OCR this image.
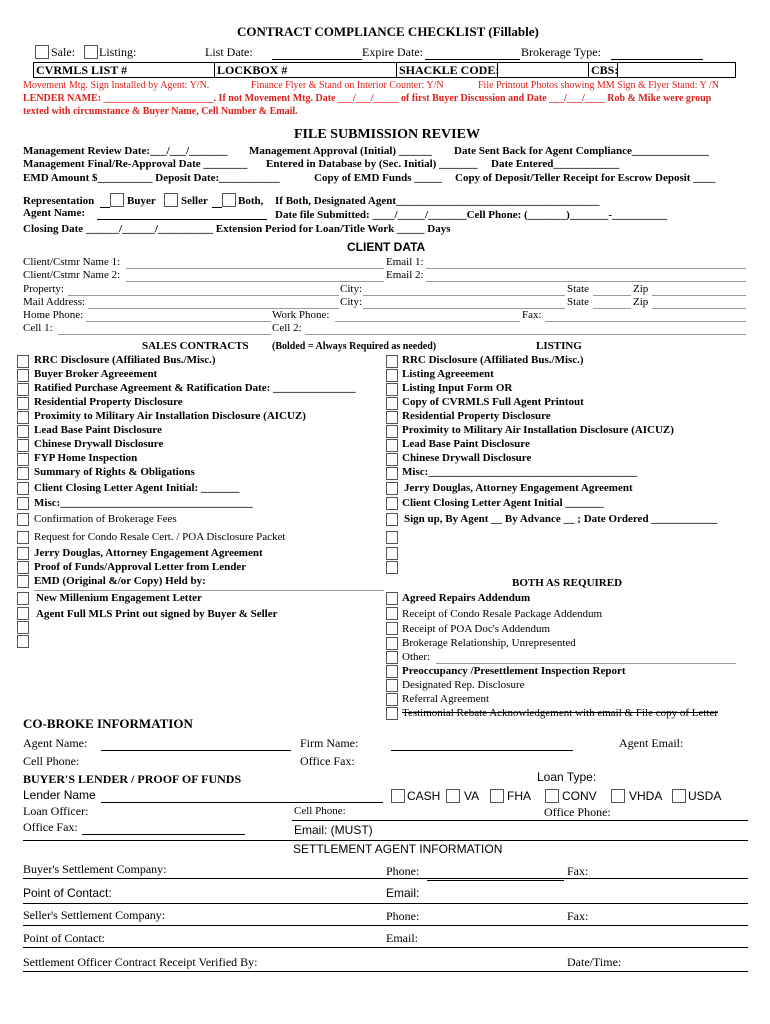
CONTRACT COMPLIANCE CHECKLIST (Fillable)
Sale: Listing:	List Date:	Expire Date:	Brokerage Type:
CVRMLS LIST #	LOCKBOX #	SHACKLE CODE:	CBS:
Movement Mtg. Sign Installed by Agent: Y/N.	Finance Flyer & Stand on Interior Counter: Y/N	File Printout Photos showing MM Sign & Flyer Stand: Y /N
LENDER NAME: ______________________. If not Movement Mtg. Date ___/___/_____ of first Buyer Discussion and Date ___/___/____ Rob & Mike were group
texted with circumstance & Buyer Name, Cell Number & Email.
FILE SUBMISSION REVIEW
Management Review Date:___/___/_______ Management Approval (Initial) ______ Date Sent Back for Agent Compliance______________
Management Final/Re-Approval Date ________ Entered in Database by (Sec. Initial) _______ Date Entered____________
EMD Amount $__________ Deposit Date:___________	Copy of EMD Funds _____ Copy of Deposit/Teller Receipt for Escrow Deposit ____
Representation	Buyer Seller	Both, If Both, Designated Agent_____________________________________
Agent Name:	Date file Submitted: ____/_____/_______Cell Phone: (_______)_______-__________
Closing Date ______/______/__________ Extension Period for Loan/Title Work _____ Days
CLIENT DATA
Client/Cstmr Name 1:	Email 1:
Client/Cstmr Name 2:	Email 2:
Property:	City:	State	Zip
Mail Address:	City:	State	Zip
Home Phone:	Work Phone:	Fax:
Cell 1:	Cell 2:
SALES CONTRACTS (Bolded = Always Required as needed)	LISTING
RRC Disclosure (Affiliated Bus./Misc.)
Buyer Broker Agreeement
Ratified Purchase Agreement & Ratification Date: _______________
Residential Property Disclosure
Proximity to Military Air Installation Disclosure (AICUZ)
Lead Base Paint Disclosure
Chinese Drywall Disclosure
FYP Home Inspection
Summary of Rights & Obligations
Client Closing Letter Agent Initial: _______
Misc:___________________________________
Confirmation of Brokerage Fees
Request for Condo Resale Cert. / POA Disclosure Packet
Jerry Douglas, Attorney Engagement Agreement
Proof of Funds/Approval Letter from Lender
EMD (Original &/or Copy) Held by:
New Millenium Engagement Letter
Agent Full MLS Print out signed by Buyer & Seller
RRC Disclosure (Affiliated Bus./Misc.)
Listing Agreeement
Listing Input Form OR
Copy of CVRMLS Full Agent Printout
Residential Property Disclosure
Proximity to Military Air Installation Disclosure (AICUZ)
Lead Base Paint Disclosure
Chinese Drywall Disclosure
Misc:______________________________________
Jerry Douglas, Attorney Engagement Agreement
Client Closing Letter Agent Initial _______
Sign up, By Agent __ By Advance __ ; Date Ordered ____________
BOTH AS REQUIRED
Agreed Repairs Addendum
Receipt of Condo Resale Package Addendum
Receipt of POA Doc's Addendum
Brokerage Relationship, Unrepresented
Other:
Preoccupancy /Presettlement Inspection Report
Designated Rep. Disclosure
Referral Agreement
Testimonial Rebate Acknowledgement with email & File copy of Letter
CO-BROKE INFORMATION
Agent Name:	Firm Name:	Agent Email:
Cell Phone:	Office Fax:
BUYER'S LENDER / PROOF OF FUNDS	Loan Type:
Lender Name	CASH VA FHA	CONV	VHDA USDA
Loan Officer:	Cell Phone:	Office Phone:
Office Fax:	Email: (MUST)
SETTLEMENT AGENT INFORMATION
Buyer's Settlement Company:	Phone:	Fax:
Point of Contact:	Email:
Seller's Settlement Company:	Phone:	Fax:
Point of Contact:	Email:
Settlement Officer Contract Receipt Verified By:	Date/Time:
